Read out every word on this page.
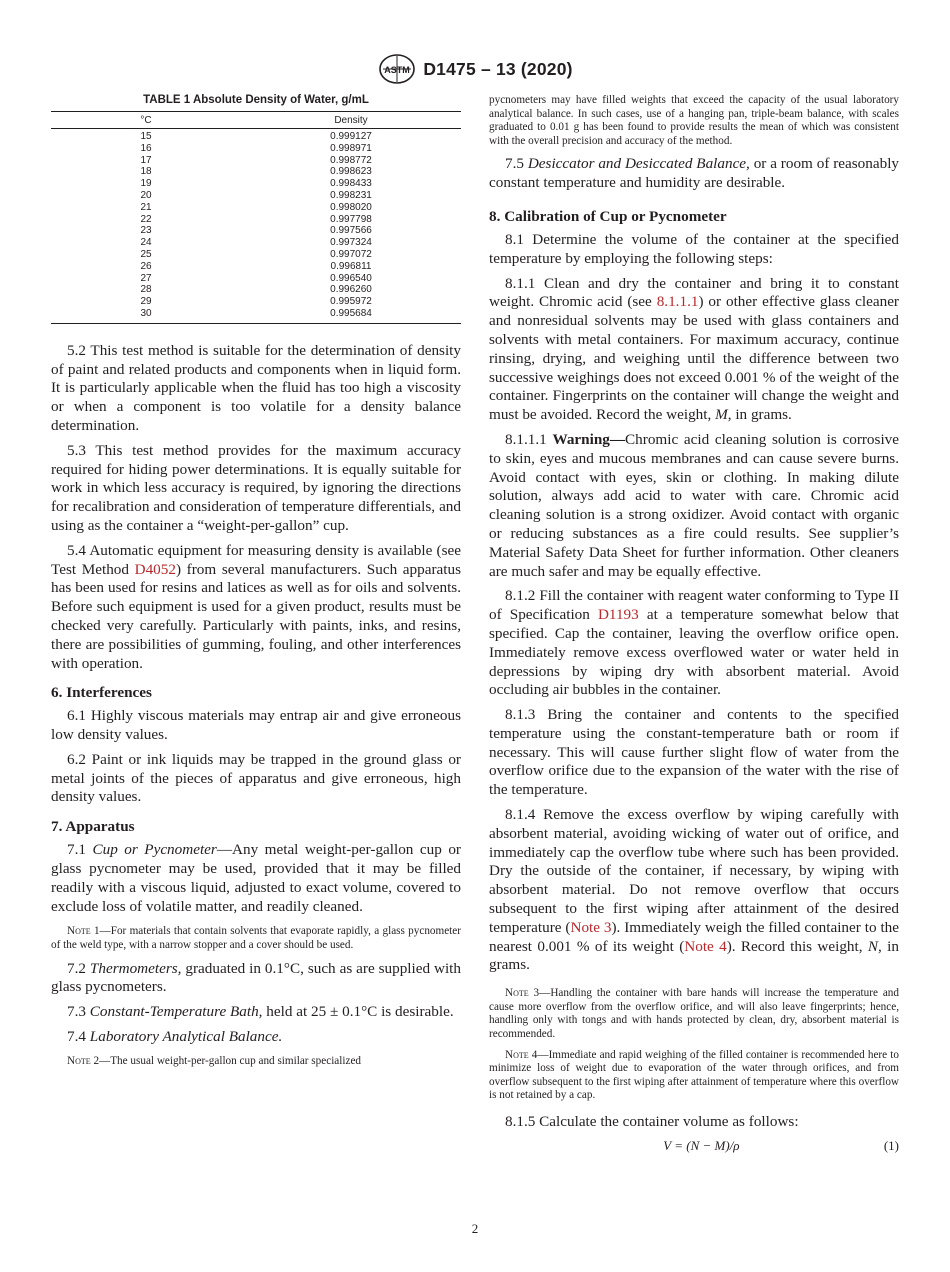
ASTM D1475 – 13 (2020)
TABLE 1 Absolute Density of Water, g/mL
°C	Density
15	0.999127
16	0.998971
17	0.998772
18	0.998623
19	0.998433
20	0.998231
21	0.998020
22	0.997798
23	0.997566
24	0.997324
25	0.997072
26	0.996811
27	0.996540
28	0.996260
29	0.995972
30	0.995684

5.2 This test method is suitable for the determination of density of paint and related products and components when in liquid form. It is particularly applicable when the fluid has too high a viscosity or when a component is too volatile for a density balance determination.

5.3 This test method provides for the maximum accuracy required for hiding power determinations. It is equally suitable for work in which less accuracy is required, by ignoring the directions for recalibration and consideration of temperature differentials, and using as the container a “weight-per-gallon” cup.

5.4 Automatic equipment for measuring density is available (see Test Method D4052) from several manufacturers. Such apparatus has been used for resins and latices as well as for oils and solvents. Before such equipment is used for a given product, results must be checked very carefully. Particularly with paints, inks, and resins, there are possibilities of gumming, fouling, and other interferences with operation.

6. Interferences

6.1 Highly viscous materials may entrap air and give erroneous low density values.

6.2 Paint or ink liquids may be trapped in the ground glass or metal joints of the pieces of apparatus and give erroneous, high density values.

7. Apparatus

7.1 Cup or Pycnometer—Any metal weight-per-gallon cup or glass pycnometer may be used, provided that it may be filled readily with a viscous liquid, adjusted to exact volume, covered to exclude loss of volatile matter, and readily cleaned.

Note 1—For materials that contain solvents that evaporate rapidly, a glass pycnometer of the weld type, with a narrow stopper and a cover should be used.

7.2 Thermometers, graduated in 0.1°C, such as are supplied with glass pycnometers.

7.3 Constant-Temperature Bath, held at 25 ± 0.1°C is desirable.

7.4 Laboratory Analytical Balance.

Note 2—The usual weight-per-gallon cup and similar specialized

pycnometers may have filled weights that exceed the capacity of the usual laboratory analytical balance. In such cases, use of a hanging pan, triple-beam balance, with scales graduated to 0.01 g has been found to provide results the mean of which was consistent with the overall precision and accuracy of the method.

7.5 Desiccator and Desiccated Balance, or a room of reasonably constant temperature and humidity are desirable.

8. Calibration of Cup or Pycnometer

8.1 Determine the volume of the container at the specified temperature by employing the following steps:

8.1.1 Clean and dry the container and bring it to constant weight. Chromic acid (see 8.1.1.1) or other effective glass cleaner and nonresidual solvents may be used with glass containers and solvents with metal containers. For maximum accuracy, continue rinsing, drying, and weighing until the difference between two successive weighings does not exceed 0.001 % of the weight of the container. Fingerprints on the container will change the weight and must be avoided. Record the weight, M, in grams.

8.1.1.1 Warning—Chromic acid cleaning solution is corrosive to skin, eyes and mucous membranes and can cause severe burns. Avoid contact with eyes, skin or clothing. In making dilute solution, always add acid to water with care. Chromic acid cleaning solution is a strong oxidizer. Avoid contact with organic or reducing substances as a fire could results. See supplier’s Material Safety Data Sheet for further information. Other cleaners are much safer and may be equally effective.

8.1.2 Fill the container with reagent water conforming to Type II of Specification D1193 at a temperature somewhat below that specified. Cap the container, leaving the overflow orifice open. Immediately remove excess overflowed water or water held in depressions by wiping dry with absorbent material. Avoid occluding air bubbles in the container.

8.1.3 Bring the container and contents to the specified temperature using the constant-temperature bath or room if necessary. This will cause further slight flow of water from the overflow orifice due to the expansion of the water with the rise of the temperature.

8.1.4 Remove the excess overflow by wiping carefully with absorbent material, avoiding wicking of water out of orifice, and immediately cap the overflow tube where such has been provided. Dry the outside of the container, if necessary, by wiping with absorbent material. Do not remove overflow that occurs subsequent to the first wiping after attainment of the desired temperature (Note 3). Immediately weigh the filled container to the nearest 0.001 % of its weight (Note 4). Record this weight, N, in grams.

Note 3—Handling the container with bare hands will increase the temperature and cause more overflow from the overflow orifice, and will also leave fingerprints; hence, handling only with tongs and with hands protected by clean, dry, absorbent material is recommended.

Note 4—Immediate and rapid weighing of the filled container is recommended here to minimize loss of weight due to evaporation of the water through orifices, and from overflow subsequent to the first wiping after attainment of temperature where this overflow is not retained by a cap.

8.1.5 Calculate the container volume as follows:

V = (N − M)/ρ	(1)
2
